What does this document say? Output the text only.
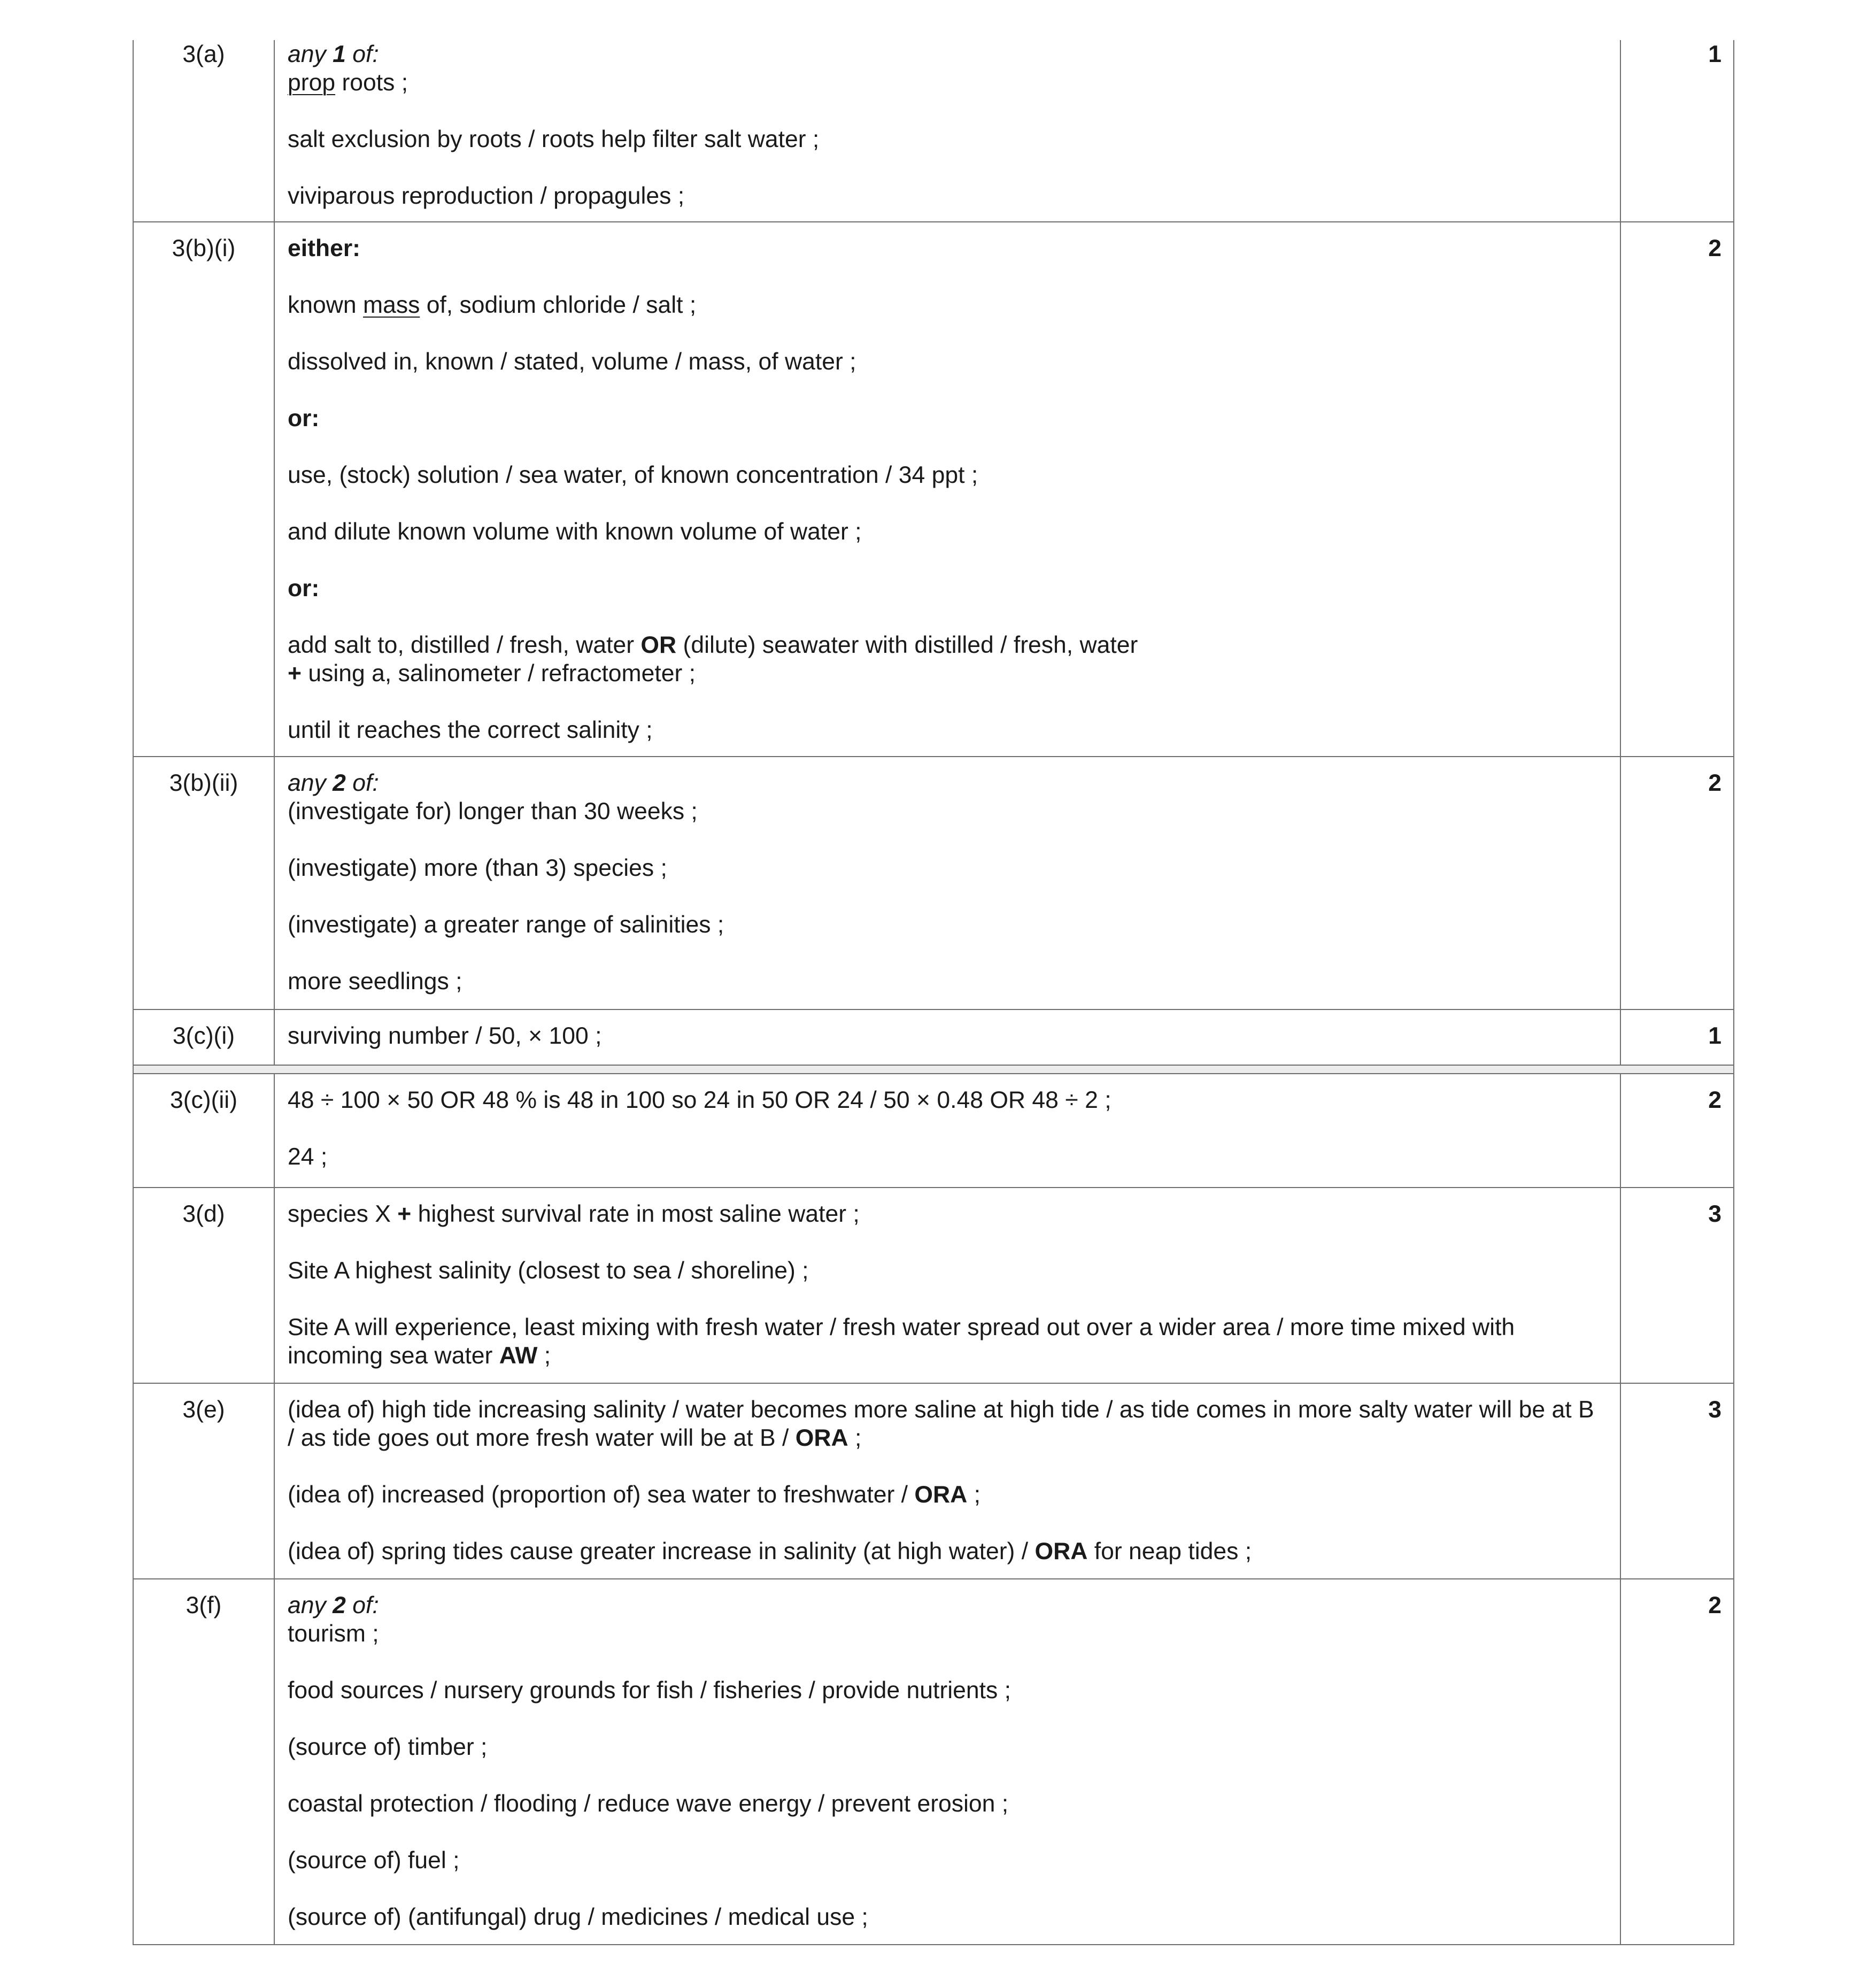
3(a)	any 1 of:
prop roots ;

salt exclusion by roots / roots help filter salt water ;

viviparous reproduction / propagules ;

1
3(b)(i)	either:

known mass of, sodium chloride / salt ;

dissolved in, known / stated, volume / mass, of water ;

or:

use, (stock) solution / sea water, of known concentration / 34 ppt ;

and dilute known volume with known volume of water ;

or:

add salt to, distilled / fresh, water OR (dilute) seawater with distilled / fresh, water
+ using a, salinometer / refractometer ;

until it reaches the correct salinity ;

2
3(b)(ii)	any 2 of:
(investigate for) longer than 30 weeks ;

(investigate) more (than 3) species ;

(investigate) a greater range of salinities ;

more seedlings ;

2
3(c)(i)	surviving number / 50, × 100 ;	1
3(c)(ii)	48 ÷ 100 × 50 OR 48 % is 48 in 100 so 24 in 50 OR 24 / 50 × 0.48 OR 48 ÷ 2 ;

24 ;

2
3(d)	species X + highest survival rate in most saline water ;

Site A highest salinity (closest to sea / shoreline) ;

Site A will experience, least mixing with fresh water / fresh water spread out over a wider area / more time mixed with incoming sea water AW ;

3
3(e)	(idea of) high tide increasing salinity / water becomes more saline at high tide / as tide comes in more salty water will be at B / as tide goes out more fresh water will be at B / ORA ;

(idea of) increased (proportion of) sea water to freshwater / ORA ;

(idea of) spring tides cause greater increase in salinity (at high water) / ORA for neap tides ;

3
3(f)	any 2 of:
tourism ;

food sources / nursery grounds for fish / fisheries / provide nutrients ;

(source of) timber ;

coastal protection / flooding / reduce wave energy / prevent erosion ;

(source of) fuel ;

(source of) (antifungal) drug / medicines / medical use ;

2
